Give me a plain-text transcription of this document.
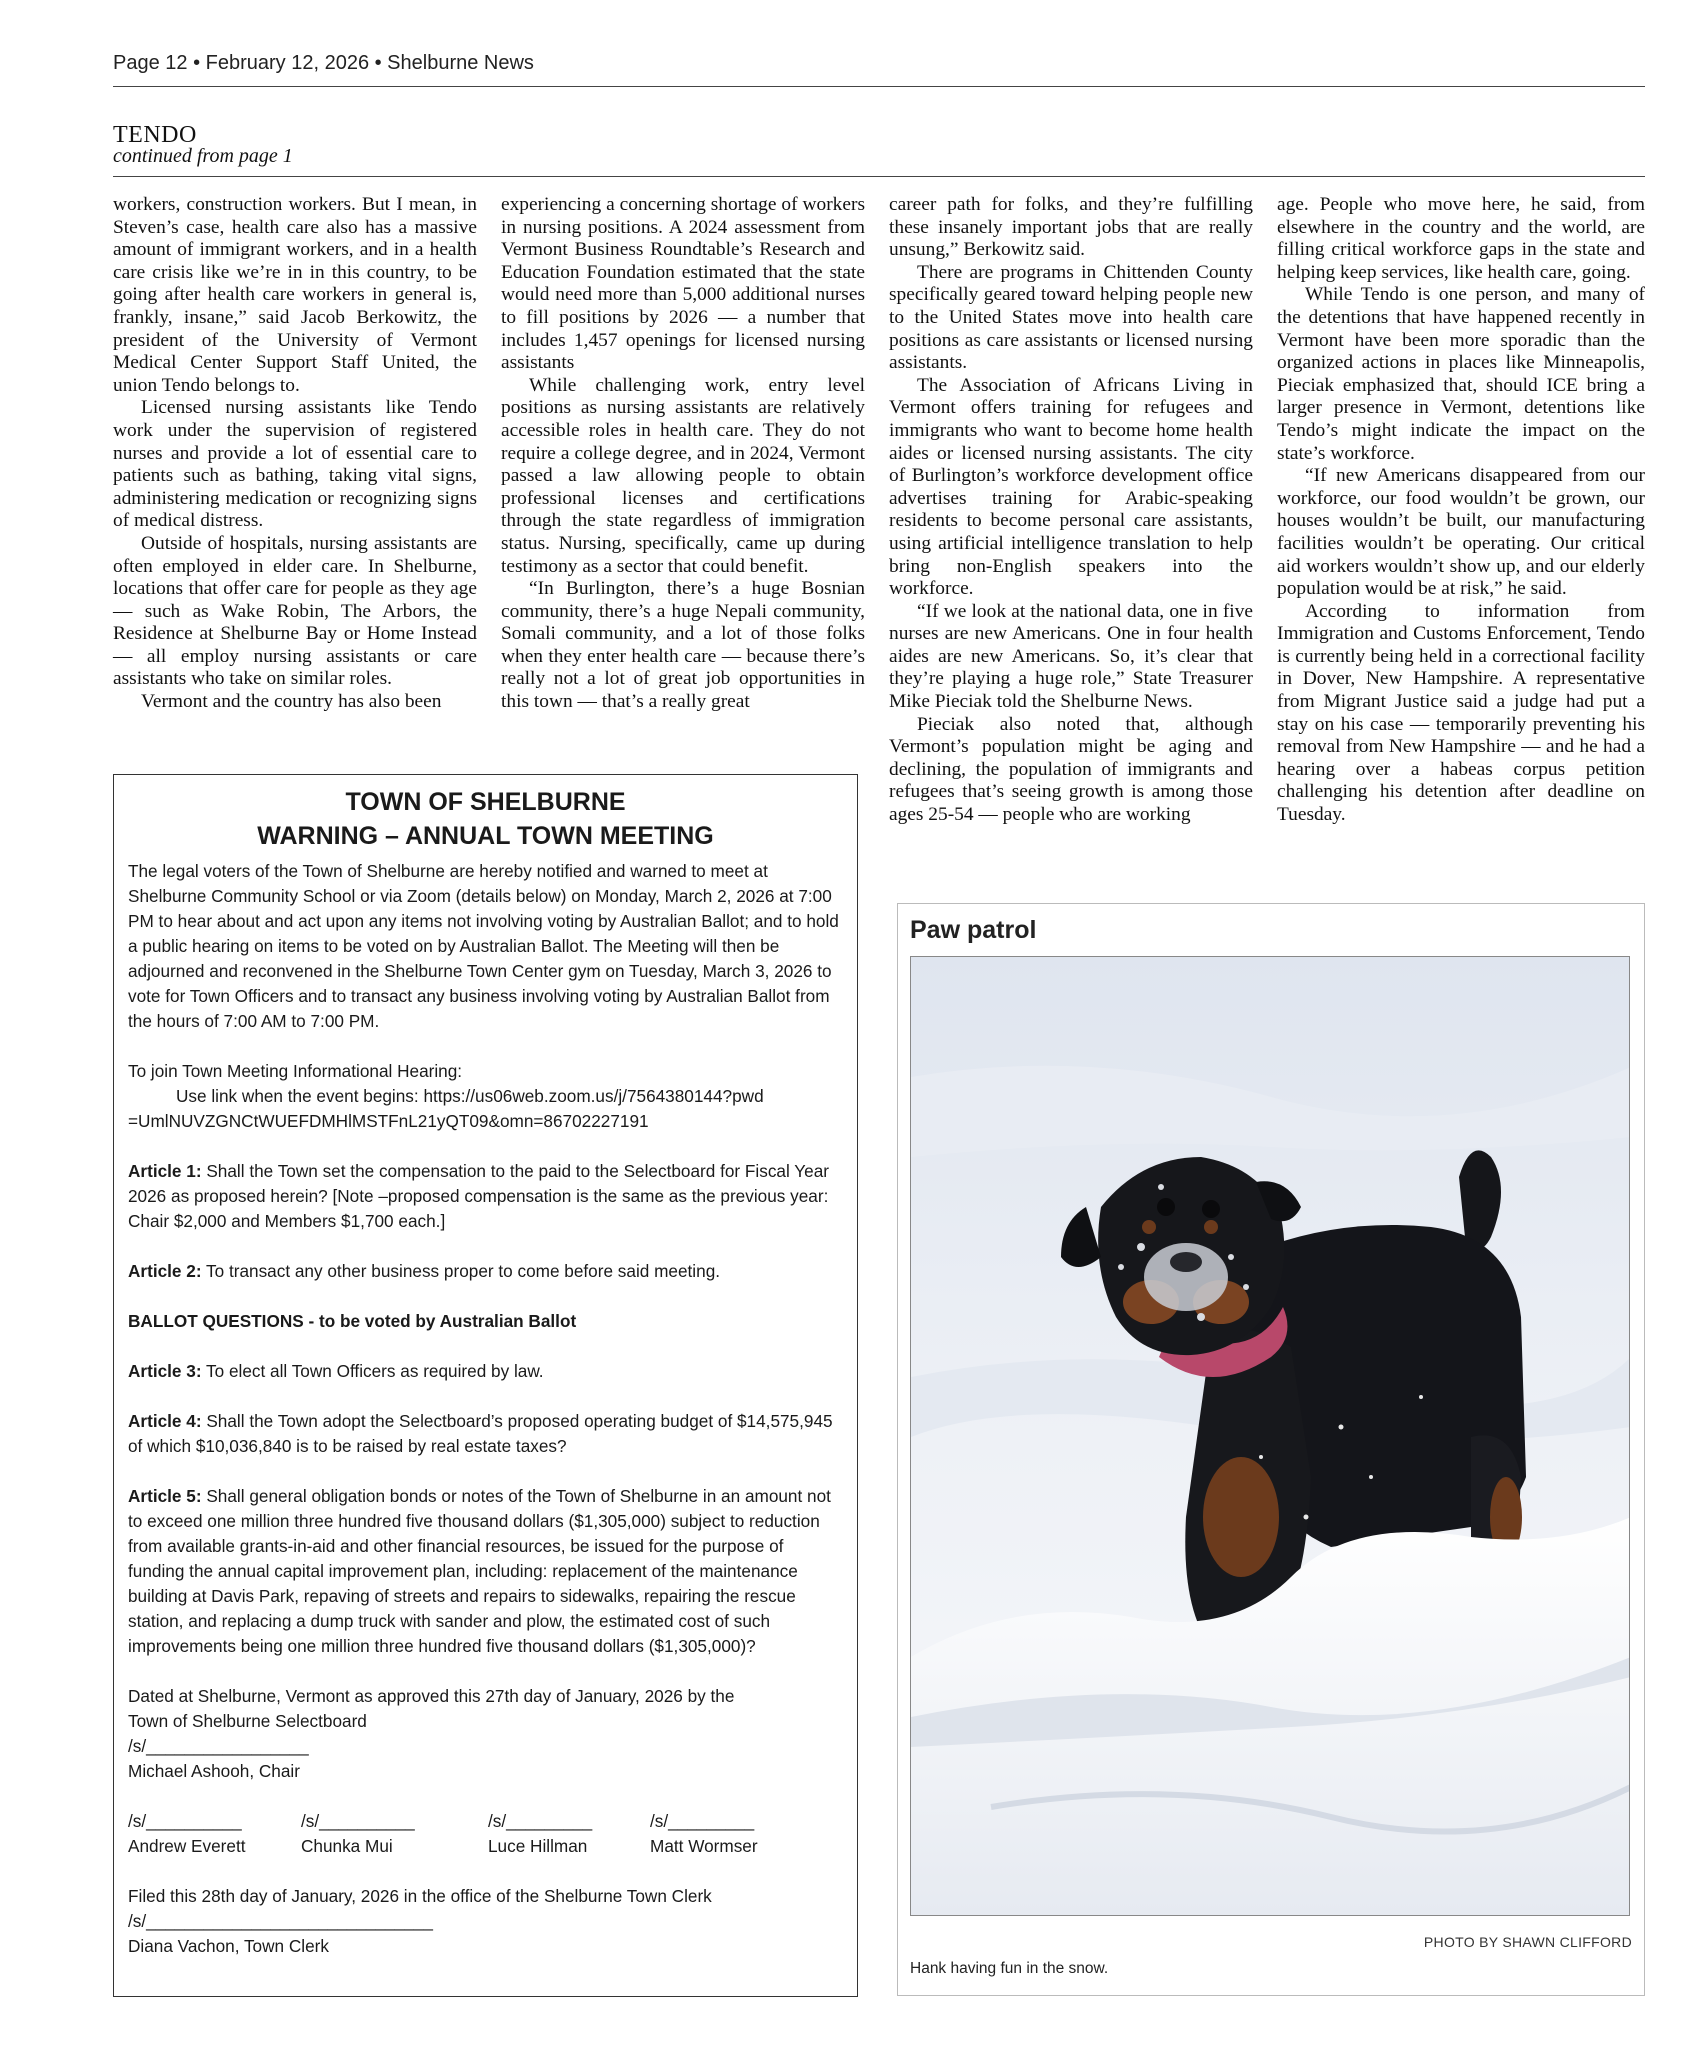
Page 12 • February 12, 2026 • Shelburne News
TENDO
continued from page 1

workers, construction workers. But I mean, in Steven’s case, health care also has a massive amount of immigrant workers, and in a health care crisis like we’re in in this country, to be going after health care workers in general is, frankly, insane,” said Jacob Berkowitz, the president of the University of Vermont Medical Center Support Staff United, the union Tendo belongs to.

Licensed nursing assistants like Tendo work under the supervision of registered nurses and provide a lot of essential care to patients such as bathing, taking vital signs, administering medication or recognizing signs of medical distress.

Outside of hospitals, nursing assistants are often employed in elder care. In Shelburne, locations that offer care for people as they age — such as Wake Robin, The Arbors, the Residence at Shelburne Bay or Home Instead — all employ nursing assistants or care assistants who take on similar roles.

Vermont and the country has also been

experiencing a concerning shortage of workers in nursing positions. A 2024 assessment from Vermont Business Roundtable’s Research and Education Foundation estimated that the state would need more than 5,000 additional nurses to fill positions by 2026 — a number that includes 1,457 openings for licensed nursing assistants

While challenging work, entry level positions as nursing assistants are relatively accessible roles in health care. They do not require a college degree, and in 2024, Vermont passed a law allowing people to obtain professional licenses and certifications through the state regardless of immigration status. Nursing, specifically, came up during testimony as a sector that could benefit.

“In Burlington, there’s a huge Bosnian community, there’s a huge Nepali community, Somali community, and a lot of those folks when they enter health care — because there’s really not a lot of great job opportunities in this town — that’s a really great

career path for folks, and they’re fulfilling these insanely important jobs that are really unsung,” Berkowitz said.

There are programs in Chittenden County specifically geared toward helping people new to the United States move into health care positions as care assistants or licensed nursing assistants.

The Association of Africans Living in Vermont offers training for refugees and immigrants who want to become home health aides or licensed nursing assistants. The city of Burlington’s workforce development office advertises training for Arabic-speaking residents to become personal care assistants, using artificial intelligence translation to help bring non-English speakers into the workforce.

“If we look at the national data, one in five nurses are new Americans. One in four health aides are new Americans. So, it’s clear that they’re playing a huge role,” State Treasurer Mike Pieciak told the Shelburne News.

Pieciak also noted that, although Vermont’s population might be aging and declining, the population of immigrants and refugees that’s seeing growth is among those ages 25-54 — people who are working

age. People who move here, he said, from elsewhere in the country and the world, are filling critical workforce gaps in the state and helping keep services, like health care, going.

While Tendo is one person, and many of the detentions that have happened recently in Vermont have been more sporadic than the organized actions in places like Minneapolis, Pieciak emphasized that, should ICE bring a larger presence in Vermont, detentions like Tendo’s might indicate the impact on the state’s workforce.

“If new Americans disappeared from our workforce, our food wouldn’t be grown, our houses wouldn’t be built, our manufacturing facilities wouldn’t be operating. Our critical aid workers wouldn’t show up, and our elderly population would be at risk,” he said.

According to information from Immigration and Customs Enforcement, Tendo is currently being held in a correctional facility in Dover, New Hampshire. A representative from Migrant Justice said a judge had put a stay on his case — temporarily preventing his removal from New Hampshire — and he had a hearing over a habeas corpus petition challenging his detention after deadline on Tuesday.

TOWN OF SHELBURNE
WARNING – ANNUAL TOWN MEETING

The legal voters of the Town of Shelburne are hereby notified and warned to meet at Shelburne Community School or via Zoom (details below) on Monday, March 2, 2026 at 7:00 PM to hear about and act upon any items not involving voting by Australian Ballot; and to hold a public hearing on items to be voted on by Australian Ballot. The Meeting will then be adjourned and reconvened in the Shelburne Town Center gym on Tuesday, March 3, 2026 to vote for Town Officers and to transact any business involving voting by Australian Ballot from the hours of 7:00 AM to 7:00 PM.

To join Town Meeting Informational Hearing:

Use link when the event begins: https://us06web.zoom.us/j/7564380144?pwd

=UmlNUVZGNCtWUEFDMHlMSTFnL21yQT09&omn=86702227191

Article 1: Shall the Town set the compensation to the paid to the Selectboard for Fiscal Year 2026 as proposed herein? [Note –proposed compensation is the same as the previous year: Chair $2,000 and Members $1,700 each.]

Article 2: To transact any other business proper to come before said meeting.

BALLOT QUESTIONS - to be voted by Australian Ballot

Article 3: To elect all Town Officers as required by law.

Article 4: Shall the Town adopt the Selectboard’s proposed operating budget of $14,575,945 of which $10,036,840 is to be raised by real estate taxes?

Article 5: Shall general obligation bonds or notes of the Town of Shelburne in an amount not to exceed one million three hundred five thousand dollars ($1,305,000) subject to reduction from available grants-in-aid and other financial resources, be issued for the purpose of funding the annual capital improvement plan, including: replacement of the maintenance building at Davis Park, repaving of streets and repairs to sidewalks, repairing the rescue station, and replacing a dump truck with sander and plow, the estimated cost of such improvements being one million three hundred five thousand dollars ($1,305,000)?

Dated at Shelburne, Vermont as approved this 27th day of January, 2026 by the

Town of Shelburne Selectboard

/s/_________________

Michael Ashooh, Chair

/s/__________	/s/__________	/s/_________	/s/_________
Andrew Everett	Chunka Mui	Luce Hillman	Matt Wormser

Filed this 28th day of January, 2026 in the office of the Shelburne Town Clerk

/s/______________________________

Diana Vachon, Town Clerk

Paw patrol
PHOTO BY SHAWN CLIFFORD
Hank having fun in the snow.
